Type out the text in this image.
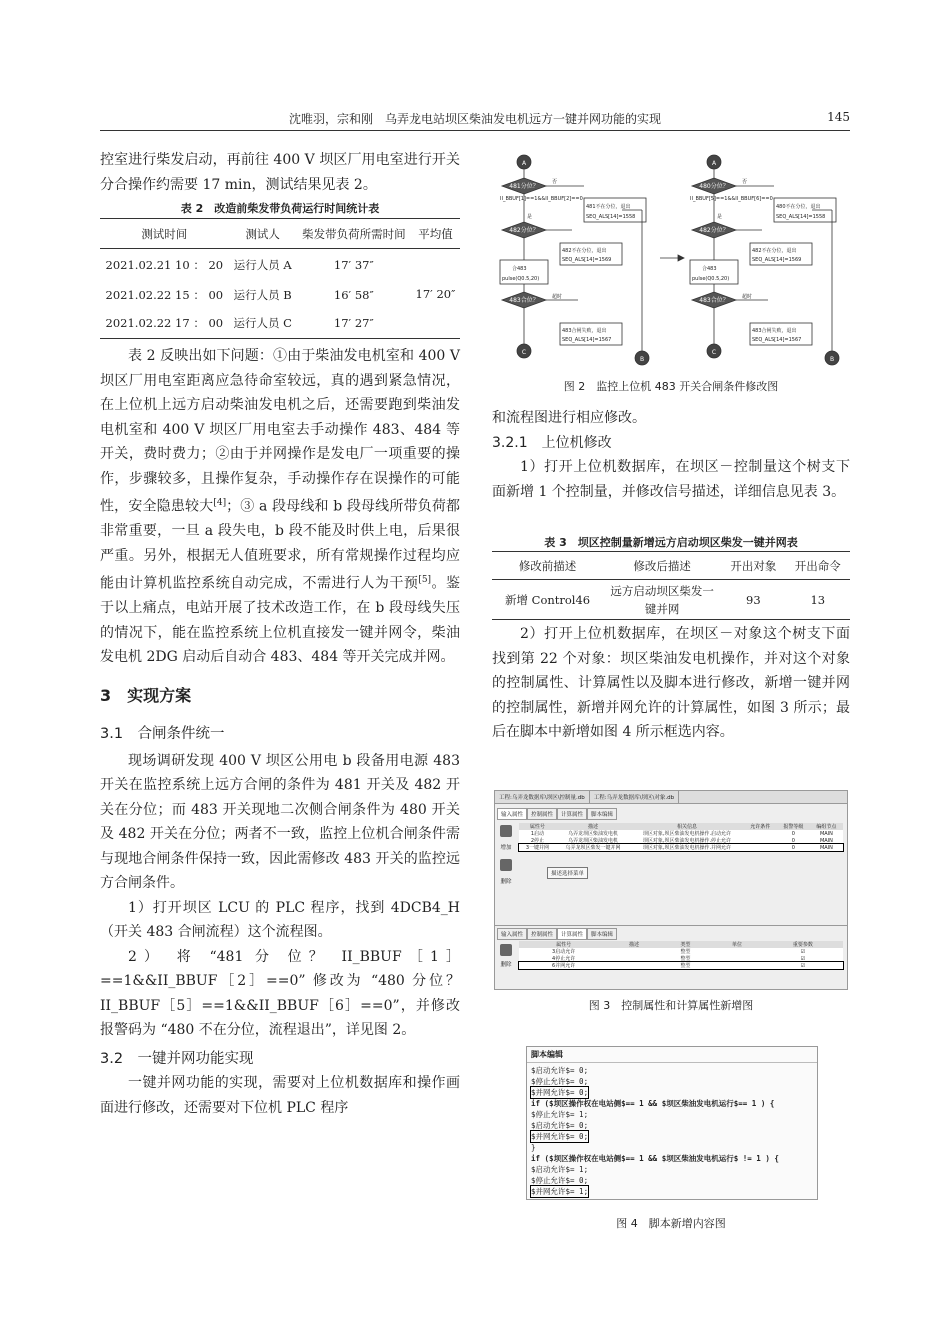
沈唯羽，宗和刚　乌弄龙电站坝区柴油发电机远方一键并网功能的实现	145

控室进行柴发启动，再前往 400 V 坝区厂用电室进行开关分合操作约需要 17 min，测试结果见表 2。

表 2　改造前柴发带负荷运行时间统计表
测试时间	测试人	柴发带负荷所需时间	平均值
2021.02.21 10 ： 20	运行人员 A	17′ 37″	17′ 20″
2021.02.22 15 ： 00	运行人员 B	16′ 58″	
2021.02.22 17 ： 00	运行人员 C	17′ 27″	

表 2 反映出如下问题：①由于柴油发电机室和 400 V 坝区厂用电室距离应急待命室较远，真的遇到紧急情况，在上位机上远方启动柴油发电机之后，还需要跑到柴油发电机室和 400 V 坝区厂用电室去手动操作 483、484 等开关，费时费力；②由于并网操作是发电厂一项重要的操作，步骤较多，且操作复杂，手动操作存在误操作的可能性，安全隐患较大[4]；③ a 段母线和 b 段母线所带负荷都非常重要，一旦 a 段失电，b 段不能及时供上电，后果很严重。另外，根据无人值班要求，所有常规操作过程均应能由计算机监控系统自动完成，不需进行人为干预[5]。鉴于以上痛点，电站开展了技术改造工作，在 b 段母线失压的情况下，能在监控系统上位机直接发一键并网令，柴油发电机 2DG 启动后自动合 483、484 等开关完成并网。

3　实现方案

3.1　合闸条件统一

现场调研发现 400 V 坝区公用电 b 段备用电源 483 开关在监控系统上远方合闸的条件为 481 开关及 482 开关在分位；而 483 开关现地二次侧合闸条件为 480 开关及 482 开关在分位；两者不一致，监控上位机合闸条件需与现地合闸条件保持一致，因此需修改 483 开关的监控远方合闸条件。

1）打开坝区 LCU 的 PLC 程序，找到 4DCB4_H（开关 483 合闸流程）这个流程图。

2） 将 “481 分 位？ II_BBUF［1］==1&&II_BBUF［2］==0” 修改为 “480 分位？ II_BBUF［5］==1&&II_BBUF［6］==0”，并修改报警码为 “480 不在分位，流程退出”，详见图 2。

3.2　一键并网功能实现

一键并网功能的实现，需要对上位机数据库和操作画面进行修改，还需要对下位机 PLC 程序

A
C
B
A
C
B
481分位？	480分位？
482分位？	482分位？
483合位？	483合位？
II_BBUF[1]==1&&II_BBUF[2]==0	II_BBUF[5]==1&&II_BBUF[6]==0
481不在分位，退出	480不在分位，退出
SEQ_ALS[14]=1558	SEQ_ALS[14]=1558
482不在分位，退出	482不在分位，退出
SEQ_ALS[14]=1569	SEQ_ALS[14]=1569
合483	合483
pulse(Q0.5,20)	pulse(Q0.5,20)
超时	超时
483合闸失败，退出	483合闸失败，退出
SEQ_ALS[14]=1567	SEQ_ALS[14]=1567
否	否
是	是
图 2　监控上位机 483 开关合闸条件修改图

和流程图进行相应修改。

3.2.1　上位机修改

1）打开上位机数据库，在坝区－控制量这个树支下面新增 1 个控制量，并修改信号描述，详细信息见表 3。

表 3　坝区控制量新增远方启动坝区柴发一键并网表
修改前描述	修改后描述	开出对象	开出命令
新增 Control46	远方启动坝区柴发一键并网	93	13

2）打开上位机数据库，在坝区－对象这个树支下面找到第 22 个对象：坝区柴油发电机操作，并对这个对象的控制属性、计算属性以及脚本进行修改，新增一键并网的控制属性，新增并网允许的计算属性，如图 3 所示；最后在脚本中新增如图 4 所示框选内容。

工程:乌弄龙数据库\坝区\控制量.db	工程:乌弄龙数据库\坝区\对象.db
输入属性	控制属性	计算属性	脚本编辑
增加
删除
属性号	描述	相关信息	允许条件	报警等级	编组节点
1启动	乌弄龙坝区柴油发电机	坝区对象,坝区柴油发电机操作.启动允许		0	MAIN
2停止	乌弄龙坝区柴油发电机	坝区对象,坝区柴油发电机操作.停止允许		0	MAIN
3一键并网	乌弄龙坝区柴发一键并网	坝区对象,坝区柴油发电机操作.并网允许		0	MAIN
描述选择菜单
输入属性	控制属性	计算属性	脚本编辑
删除
属性号	描述	类型	单位	重要参数
3启动允许		整型		☑
4停止允许		整型		☑
6并网允许		整型		☑
图 3　控制属性和计算属性新增图
脚本编辑
$启动允许$= 0;
$停止允许$= 0;
$并网允许$= 0;
if ($坝区操作权在电站侧$== 1 && $坝区柴油发电机运行$== 1 ) {
$停止允许$= 1;
$启动允许$= 0;
$并网允许$= 0;
}
if ($坝区操作权在电站侧$== 1 && $坝区柴油发电机运行$ != 1 ) {
$启动允许$= 1;
$停止允许$= 0;
$并网允许$= 1;
图 4　脚本新增内容图
